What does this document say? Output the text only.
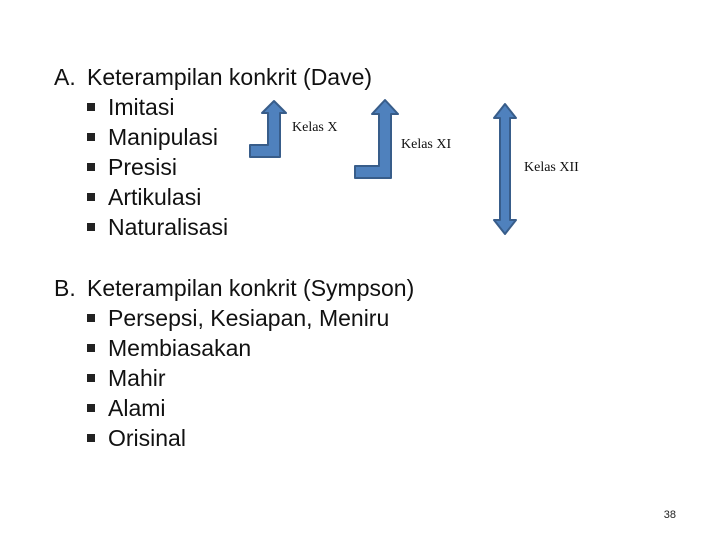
A. Keterampilan konkrit (Dave)
Imitasi
Manipulasi
Presisi
Artikulasi
Naturalisasi
Kelas X
Kelas XI
Kelas XII
B. Keterampilan konkrit (Sympson)
Persepsi, Kesiapan, Meniru
Membiasakan
Mahir
Alami
Orisinal
38
